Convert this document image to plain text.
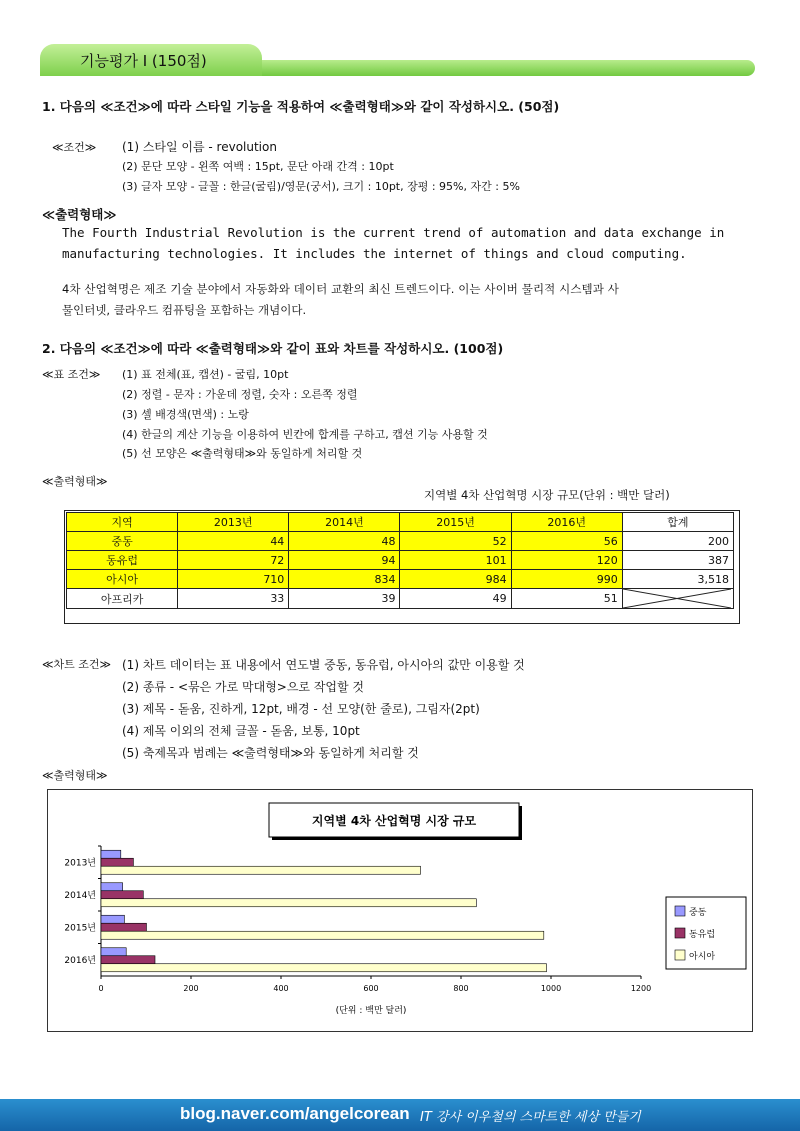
기능평가 Ⅰ (150점)
1. 다음의 ≪조건≫에 따라 스타일 기능을 적용하여 ≪출력형태≫와 같이 작성하시오. (50점)
≪조건≫ (1) 스타일 이름 - revolution
(2) 문단 모양 - 왼쪽 여백 : 15pt, 문단 아래 간격 : 10pt
(3) 글자 모양 - 글꼴 : 한글(굴림)/영문(궁서), 크기 : 10pt, 장평 : 95%, 자간 : 5%
≪출력형태≫
The Fourth Industrial Revolution is the current trend of automation and data exchange in
manufacturing technologies. It includes the internet of things and cloud computing.
4차 산업혁명은 제조 기술 분야에서 자동화와 데이터 교환의 최신 트렌드이다. 이는 사이버 물리적 시스템과 사
물인터넷, 클라우드 컴퓨팅을 포함하는 개념이다.
2. 다음의 ≪조건≫에 따라 ≪출력형태≫와 같이 표와 차트를 작성하시오. (100점)
≪표 조건≫ (1) 표 전체(표, 캡션) - 굴림, 10pt
(2) 정렬 - 문자 : 가운데 정렬, 숫자 : 오른쪽 정렬
(3) 셀 배경색(면색) : 노랑
(4) 한글의 계산 기능을 이용하여 빈칸에 합계를 구하고, 캡션 기능 사용할 것
(5) 선 모양은 ≪출력형태≫와 동일하게 처리할 것
≪출력형태≫
지역별 4차 산업혁명 시장 규모(단위 : 백만 달러)
지역	2013년	2014년	2015년	2016년	합계
중동	44	48	52	56	200
동유럽	72	94	101	120	387
아시아	710	834	984	990	3,518
아프리카	33	39	49	51	
≪차트 조건≫ (1) 차트 데이터는 표 내용에서 연도별 중동, 동유럽, 아시아의 값만 이용할 것
(2) 종류 - <묶은 가로 막대형>으로 작업할 것
(3) 제목 - 돋움, 진하게, 12pt, 배경 - 선 모양(한 줄로), 그림자(2pt)
(4) 제목 이외의 전체 글꼴 - 돋움, 보통, 10pt
(5) 축제목과 범례는 ≪출력형태≫와 동일하게 처리할 것
≪출력형태≫
지역별 4차 산업혁명 시장 규모
2013년
2014년
2015년
2016년
0	200	400	600	800	1000	1200
(단위 : 백만 달러)
중동
동유럽
아시아
blog.naver.com/angelcorean IT 강사 이우철의 스마트한 세상 만들기
